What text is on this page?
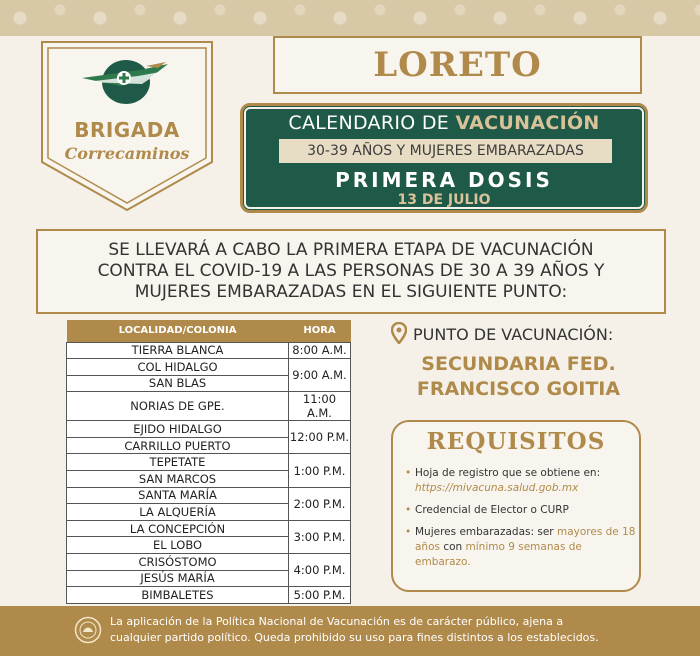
BRIGADA
Correcaminos
LORETO
CALENDARIO DE VACUNACIÓN
30-39 AÑOS Y MUJERES EMBARAZADAS
PRIMERA DOSIS
13 DE JULIO

SE LLEVARÁ A CABO LA PRIMERA ETAPA DE VACUNACIÓN
CONTRA EL COVID-19 A LAS PERSONAS DE 30 A 39 AÑOS Y
MUJERES EMBARAZADAS EN EL SIGUIENTE PUNTO:

LOCALIDAD/COLONIA	HORA
TIERRA BLANCA	8:00 A.M.
COL HIDALGO	9:00 A.M.
SAN BLAS	
NORIAS DE GPE.	11:00 A.M.
EJIDO HIDALGO	12:00 P.M.
CARRILLO PUERTO	
TEPETATE	1:00 P.M.
SAN MARCOS	
SANTA MARÍA	2:00 P.M.
LA ALQUERÍA	
LA CONCEPCIÓN	3:00 P.M.
EL LOBO	
CRISÓSTOMO	4:00 P.M.
JESÚS MARÍA	
BIMBALETES	5:00 P.M.
PUNTO DE VACUNACIÓN:
SECUNDARIA FED.
FRANCISCO GOITIA
REQUISITOS
• Hoja de registro que se obtiene en: https://mivacuna.salud.gob.mx
• Credencial de Elector o CURP
• Mujeres embarazadas: ser mayores de 18 años con mínimo 9 semanas de embarazo.
La aplicación de la Política Nacional de Vacunación es de carácter público, ajena a
cualquier partido político. Queda prohibido su uso para fines distintos a los establecidos.
